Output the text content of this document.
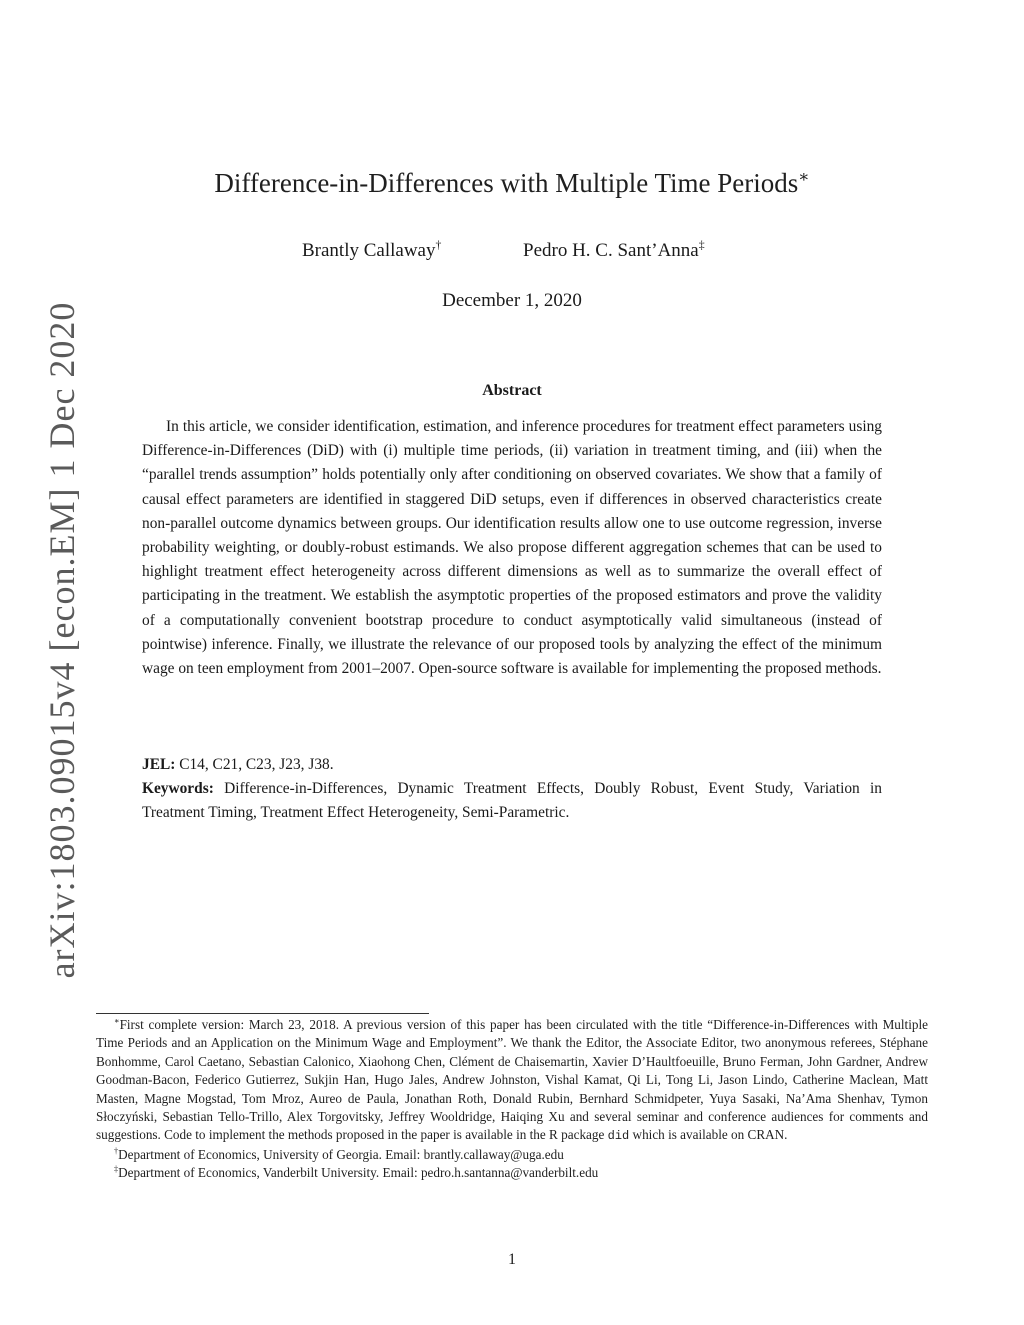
arXiv:1803.09015v4 [econ.EM] 1 Dec 2020
Difference-in-Differences with Multiple Time Periods∗
Brantly Callaway†	Pedro H. C. Sant’Anna‡
December 1, 2020
Abstract

In this article, we consider identification, estimation, and inference procedures for treatment effect parameters using Difference-in-Differences (DiD) with (i) multiple time periods, (ii) variation in treatment timing, and (iii) when the “parallel trends assumption” holds potentially only after conditioning on observed covariates. We show that a family of causal effect parameters are identified in staggered DiD setups, even if differences in observed characteristics create non-parallel outcome dynamics between groups. Our identification results allow one to use outcome regression, inverse probability weighting, or doubly-robust estimands. We also propose different aggregation schemes that can be used to highlight treatment effect heterogeneity across different dimensions as well as to summarize the overall effect of participating in the treatment. We establish the asymptotic properties of the proposed estimators and prove the validity of a computationally convenient bootstrap procedure to conduct asymptotically valid simultaneous (instead of pointwise) inference. Finally, we illustrate the relevance of our proposed tools by analyzing the effect of the minimum wage on teen employment from 2001–2007. Open-source software is available for implementing the proposed methods.

JEL: C14, C21, C23, J23, J38.
Keywords: Difference-in-Differences, Dynamic Treatment Effects, Doubly Robust, Event Study, Variation in Treatment Timing, Treatment Effect Heterogeneity, Semi-Parametric.

∗First complete version: March 23, 2018. A previous version of this paper has been circulated with the title “Difference-in-Differences with Multiple Time Periods and an Application on the Minimum Wage and Employment”. We thank the Editor, the Associate Editor, two anonymous referees, Stéphane Bonhomme, Carol Caetano, Sebastian Calonico, Xiaohong Chen, Clément de Chaisemartin, Xavier D’Haultfoeuille, Bruno Ferman, John Gardner, Andrew Goodman-Bacon, Federico Gutierrez, Sukjin Han, Hugo Jales, Andrew Johnston, Vishal Kamat, Qi Li, Tong Li, Jason Lindo, Catherine Maclean, Matt Masten, Magne Mogstad, Tom Mroz, Aureo de Paula, Jonathan Roth, Donald Rubin, Bernhard Schmidpeter, Yuya Sasaki, Na’Ama Shenhav, Tymon Słoczyński, Sebastian Tello-Trillo, Alex Torgovitsky, Jeffrey Wooldridge, Haiqing Xu and several seminar and conference audiences for comments and suggestions. Code to implement the methods proposed in the paper is available in the R package did which is available on CRAN.

†Department of Economics, University of Georgia. Email: brantly.callaway@uga.edu

‡Department of Economics, Vanderbilt University. Email: pedro.h.santanna@vanderbilt.edu

1
